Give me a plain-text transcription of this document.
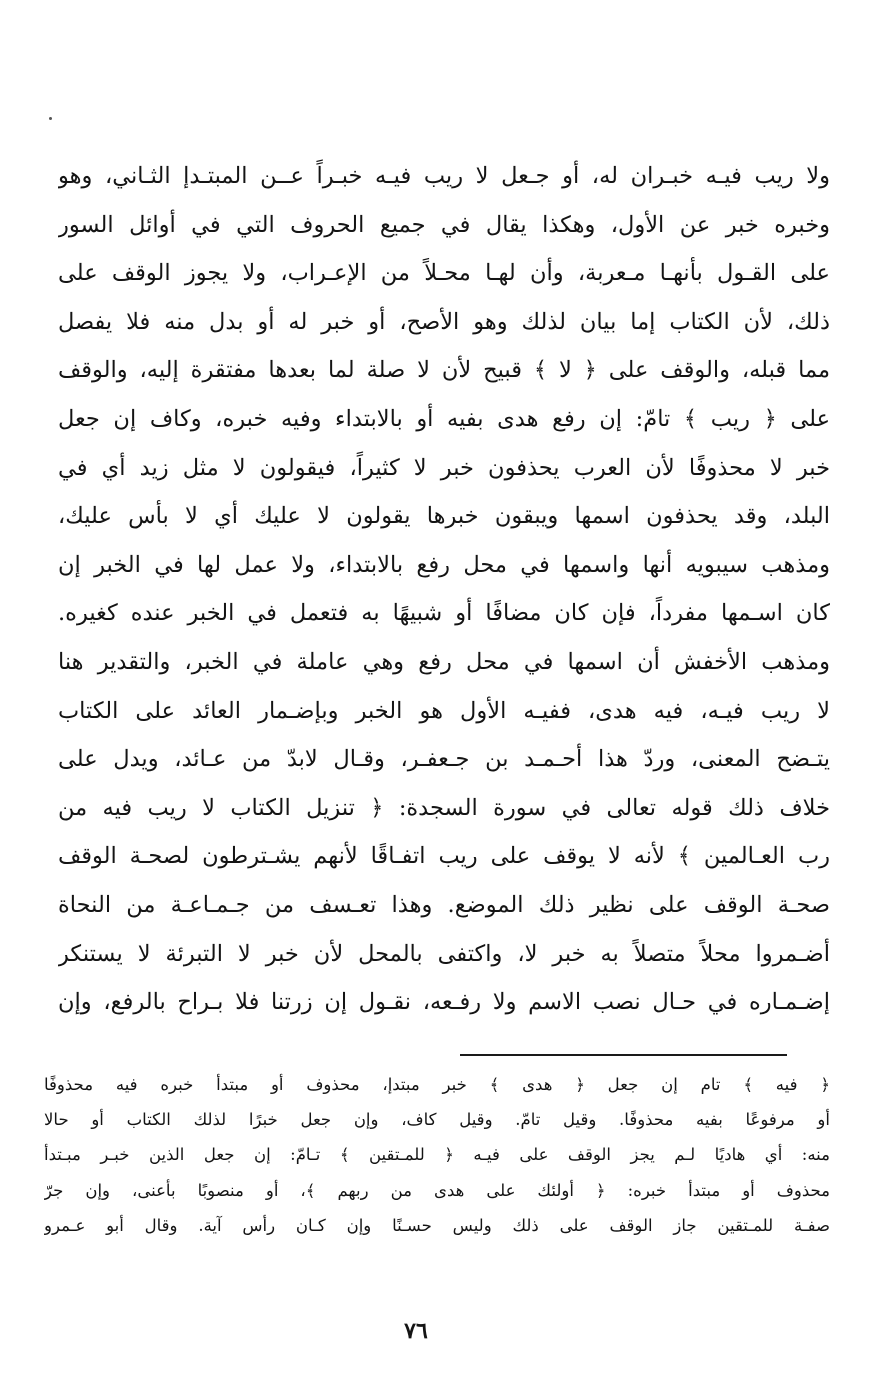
ولا ريب فيـه خبـران له، أو جـعل لا ريب فيـه خبـراً عــن المبتـدإ الثـاني، وهو
وخبره خبر عن الأول، وهكذا يقال في جميع الحروف التي في أوائل السور
على القـول بأنهـا مـعربة، وأن لهـا محـلاً من الإعـراب، ولا يجوز الوقف على
ذلك، لأن الكتاب إما بيان لذلك وهو الأصح، أو خبر له أو بدل منه فلا يفصل
مما قبله، والوقف على ﴿ لا ﴾ قبيح لأن لا صلة لما بعدها مفتقرة إليه، والوقف
على ﴿ ريب ﴾ تامّ: إن رفع هدى بفيه أو بالابتداء وفيه خبره، وكاف إن جعل
خبر لا محذوفًا لأن العرب يحذفون خبر لا كثيراً، فيقولون لا مثل زيد أي في
البلد، وقد يحذفون اسمها ويبقون خبرها يقولون لا عليك أي لا بأس عليك،
ومذهب سيبويه أنها واسمها في محل رفع بالابتداء، ولا عمل لها في الخبر إن
كان اسـمها مفرداً، فإن كان مضافًا أو شبيهًا به فتعمل في الخبر عنده كغيره.
ومذهب الأخفش أن اسمها في محل رفع وهي عاملة في الخبر، والتقدير هنا
لا ريب فيـه، فيه هدى، ففيـه الأول هو الخبر وبإضـمار العائد على الكتاب
يتـضح المعنى، وردّ هذا أحـمـد بن جـعفـر، وقـال لابدّ من عـائد، ويدل على
خلاف ذلك قوله تعالى في سورة السجدة: ﴿ تنزيل الكتاب لا ريب فيه من
رب العـالمين ﴾ لأنه لا يوقف على ريب اتفـاقًا لأنهم يشـترطون لصحـة الوقف
صحـة الوقف على نظير ذلك الموضع. وهذا تعـسف من جـمـاعـة من النحاة
أضـمروا محلاً متصلاً به خبر لا، واكتفى بالمحل لأن خبر لا التبرئة لا يستنكر
إضـمـاره في حـال نصب الاسم ولا رفـعه، نقـول إن زرتنا فلا بـراح بالرفع، وإن
﴿ فيه ﴾ تام إن جعل ﴿ هدى ﴾ خبر مبتدإ، محذوف أو مبتدأ خبره فيه محذوفًا
أو مرفوعًا بفيه محذوفًا. وقيل تامّ. وقيل كاف، وإن جعل خبرًا لذلك الكتاب أو حالا
منه: أي هاديًا لـم يجز الوقف على فيـه ﴿ للمـتقين ﴾ تـامّ: إن جعل الذين خبـر مبـتدأ
محذوف أو مبتدأ خبره: ﴿ أولئك على هدى من ربهم ﴾، أو منصوبًا بأعنى، وإن جرّ
صفـة للمـتقين جاز الوقف على ذلك وليس حسـنًا وإن كـان رأس آية. وقال أبو عـمرو
٧٦
